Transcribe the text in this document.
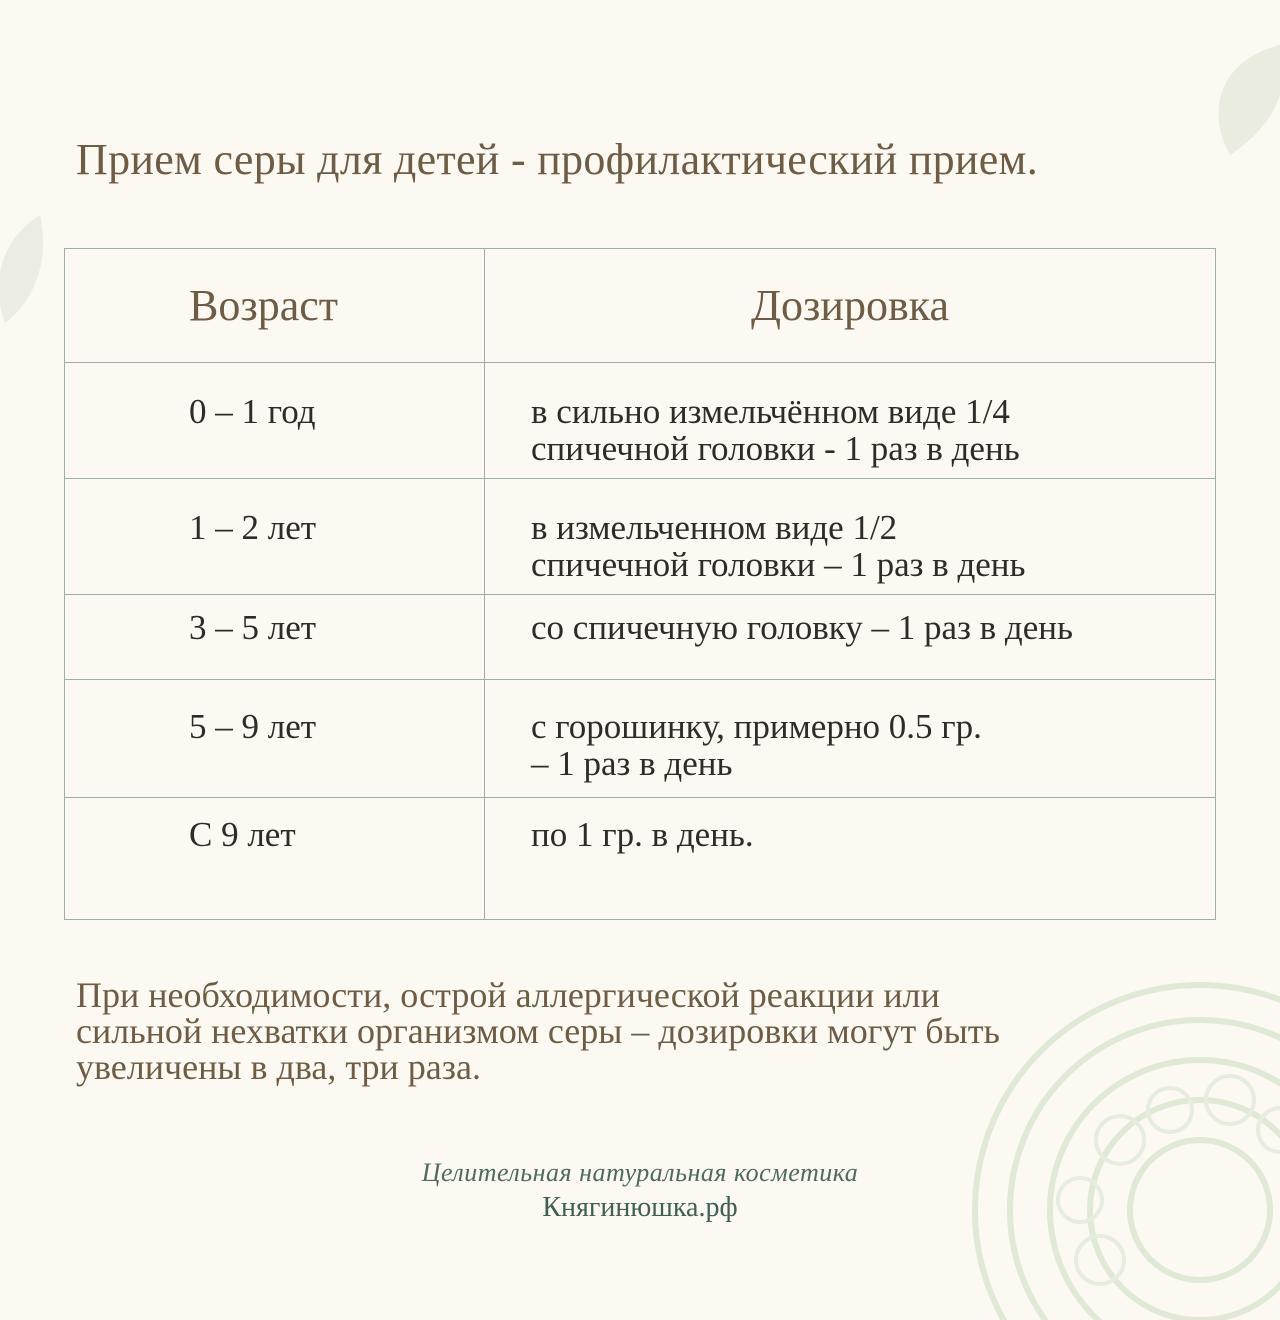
Прием серы для детей - профилактический прием.
Возраст	Дозировка
0 – 1 год	в сильно измельчённом виде 1/4
спичечной головки - 1 раз в день

1 – 2 лет	в измельченном виде 1/2
спичечной головки – 1 раз в день

3 – 5 лет	со спичечную головку – 1 раз в день

5 – 9 лет	с горошинку, примерно 0.5 гр.
– 1 раз в день

С 9 лет	по 1 гр. в день.
При необходимости, острой аллергической реакции или
сильной нехватки организмом серы – дозировки могут быть
увеличены в два, три раза.
Целительная натуральная косметика
Княгинюшка.рф
